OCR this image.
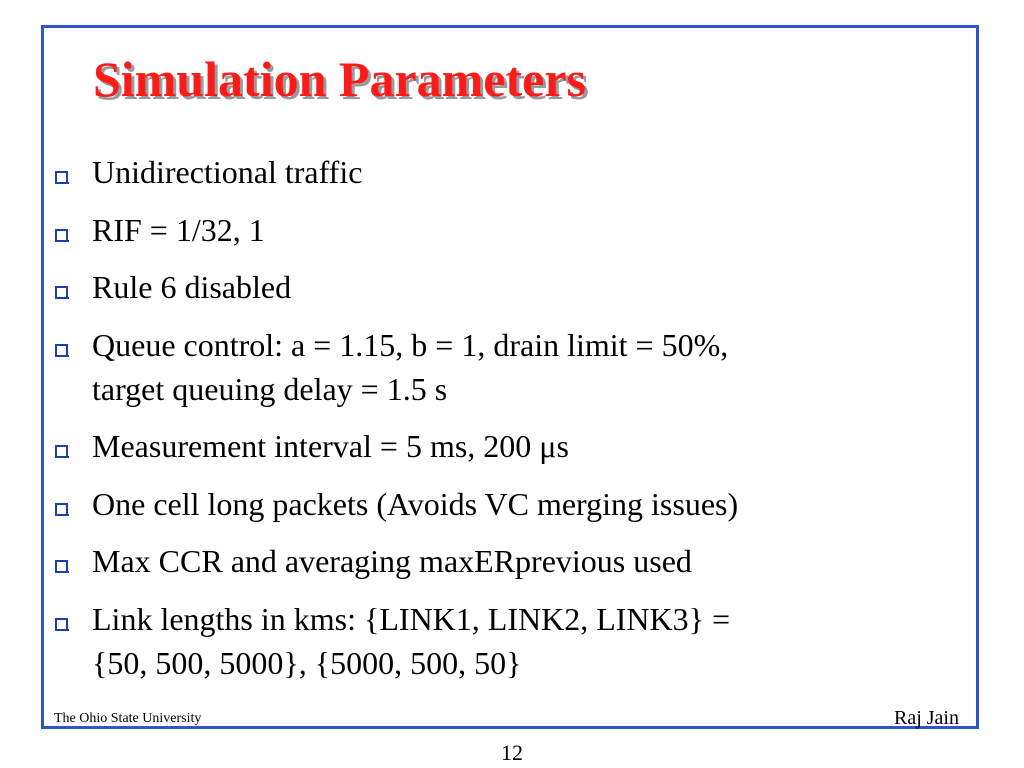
Simulation Parameters
Unidirectional traffic
RIF = 1/32, 1
Rule 6 disabled
Queue control: a = 1.15, b = 1, drain limit = 50%,
target queuing delay = 1.5 s
Measurement interval = 5 ms, 200 μs
One cell long packets (Avoids VC merging issues)
Max CCR and averaging maxERprevious used
Link lengths in kms: {LINK1, LINK2, LINK3} =
{50, 500, 5000}, {5000, 500, 50}
The Ohio State University	Raj Jain
12
